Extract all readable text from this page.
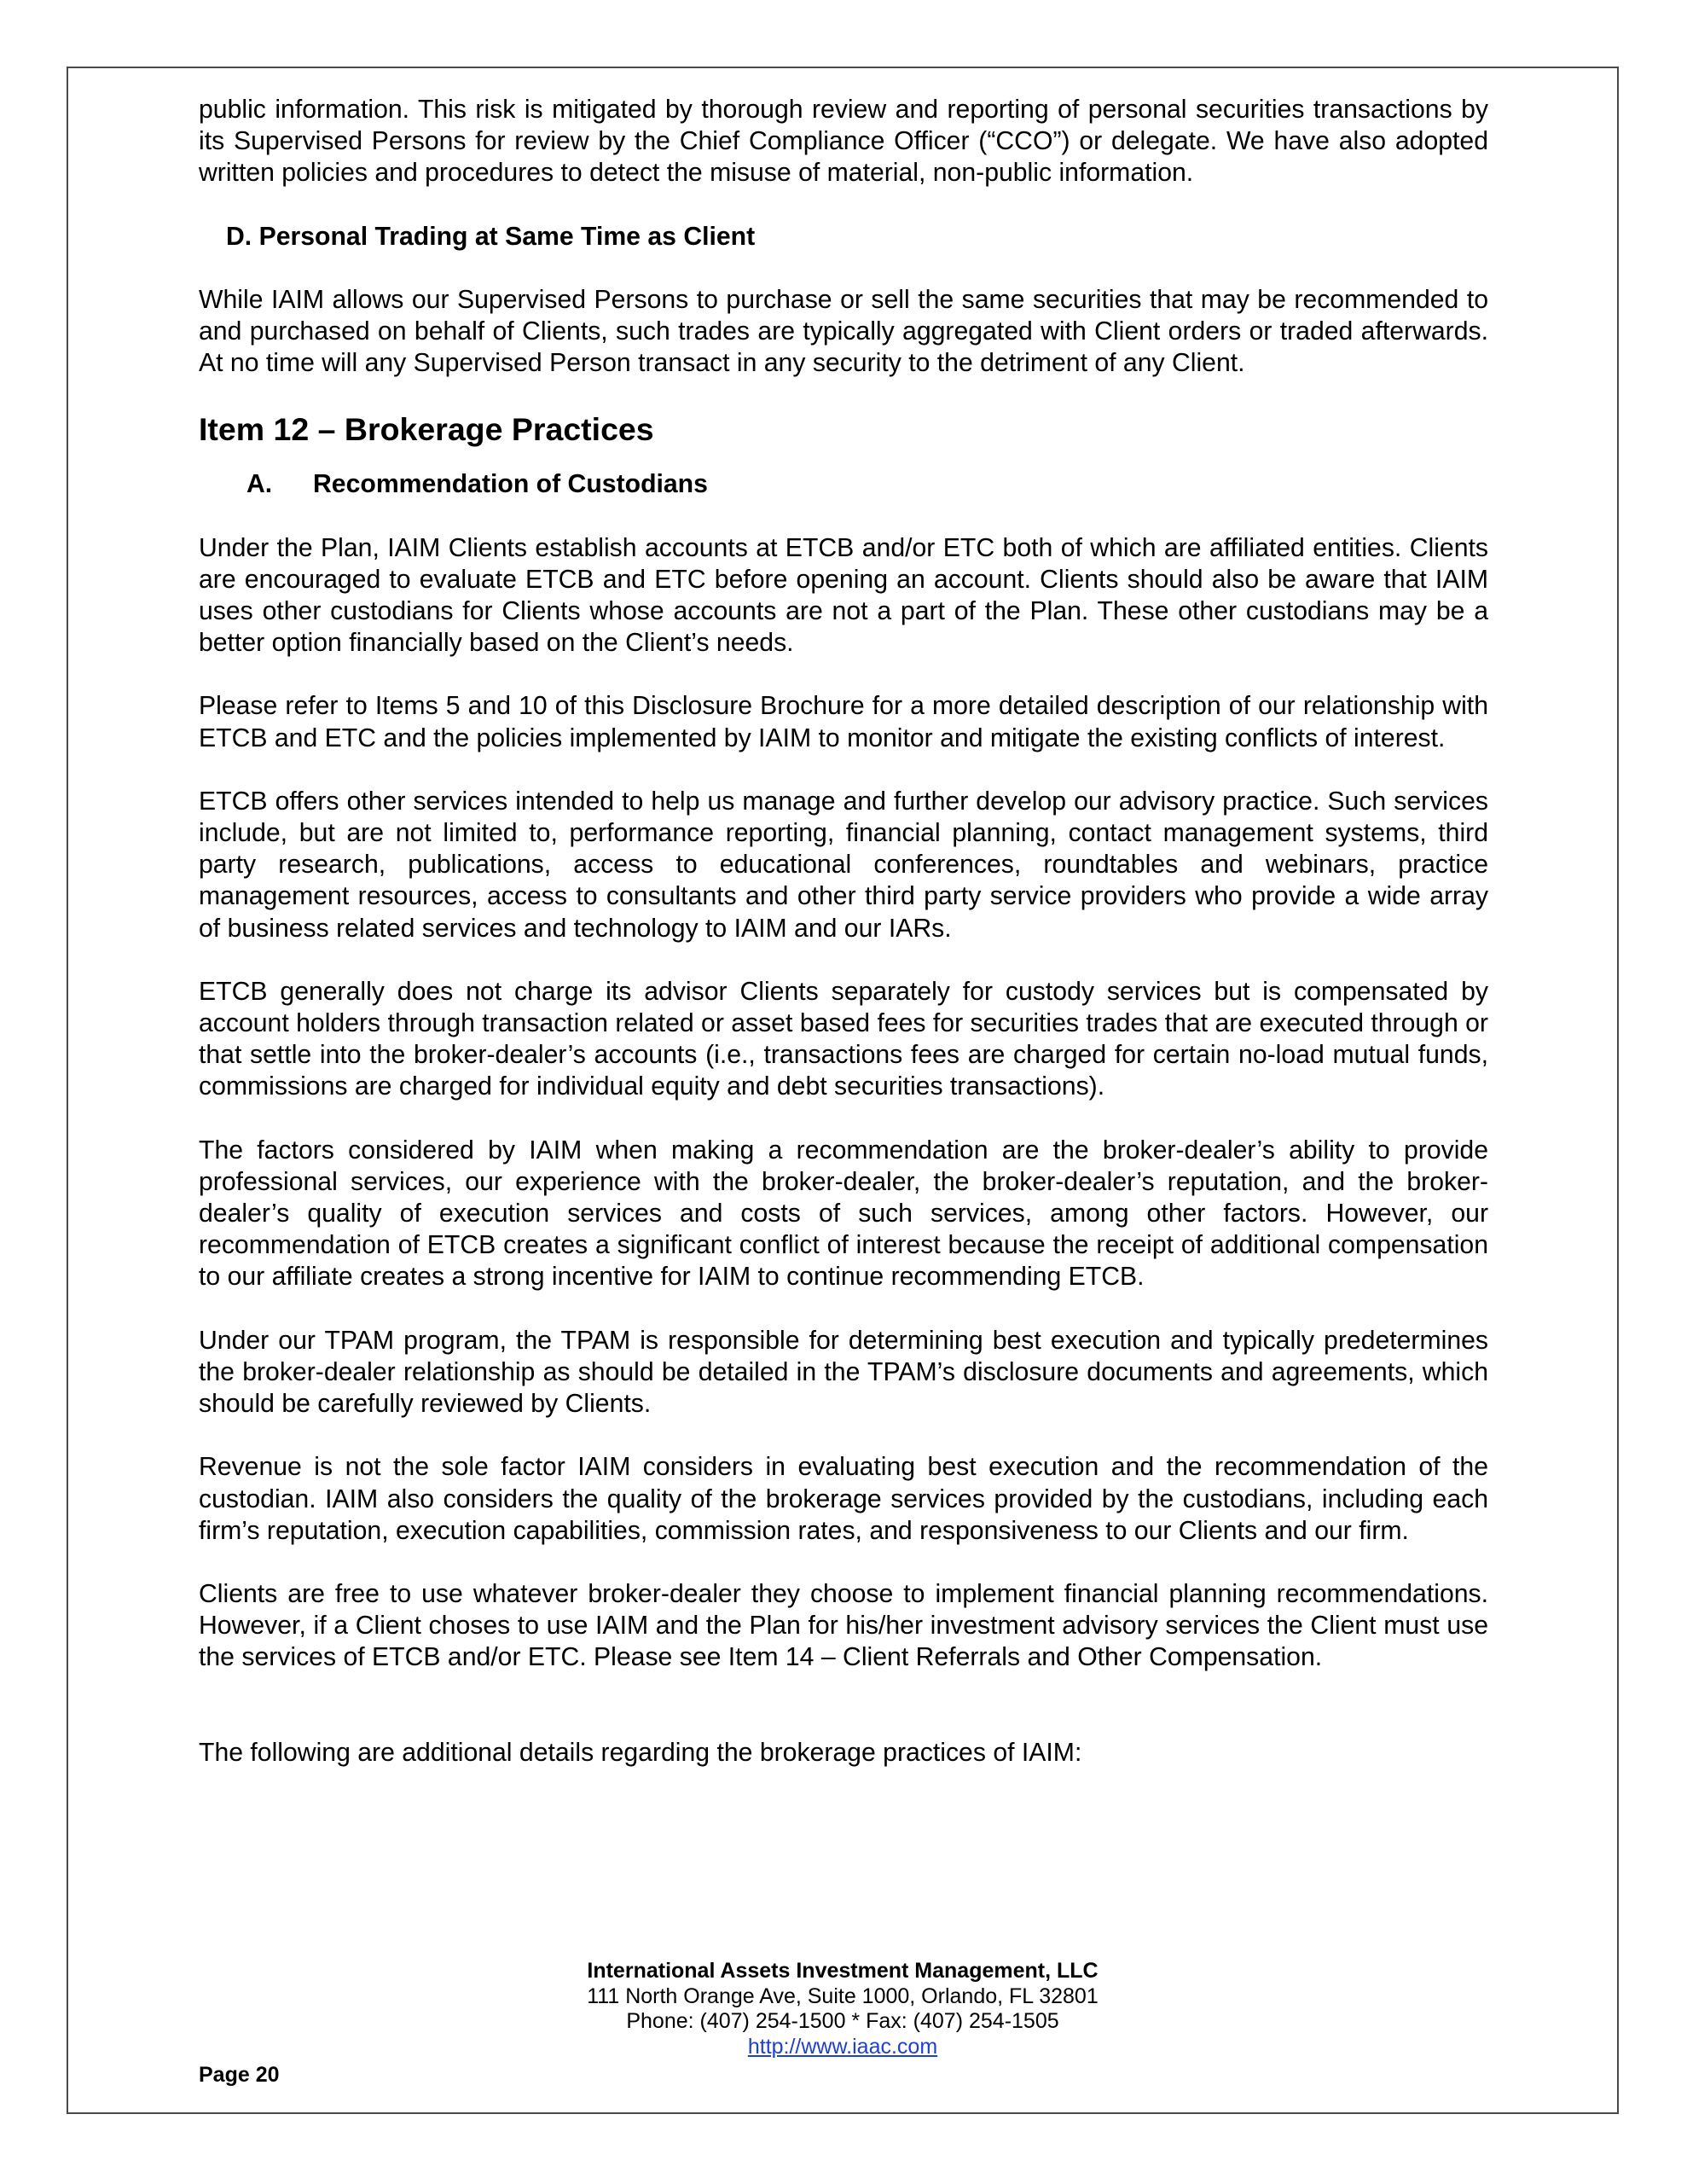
public information. This risk is mitigated by thorough review and reporting of personal securities transactions by its Supervised Persons for review by the Chief Compliance Officer (“CCO”) or delegate. We have also adopted written policies and procedures to detect the misuse of material, non-public information.

D. Personal Trading at Same Time as Client

While IAIM allows our Supervised Persons to purchase or sell the same securities that may be recommended to and purchased on behalf of Clients, such trades are typically aggregated with Client orders or traded afterwards. At no time will any Supervised Person transact in any security to the detriment of any Client.

Item 12 – Brokerage Practices
A. Recommendation of Custodians

Under the Plan, IAIM Clients establish accounts at ETCB and/or ETC both of which are affiliated entities. Clients are encouraged to evaluate ETCB and ETC before opening an account. Clients should also be aware that IAIM uses other custodians for Clients whose accounts are not a part of the Plan. These other custodians may be a better option financially based on the Client’s needs.

Please refer to Items 5 and 10 of this Disclosure Brochure for a more detailed description of our relationship with ETCB and ETC and the policies implemented by IAIM to monitor and mitigate the existing conflicts of interest.

ETCB offers other services intended to help us manage and further develop our advisory practice. Such services include, but are not limited to, performance reporting, financial planning, contact management systems, third party research, publications, access to educational conferences, roundtables and webinars, practice management resources, access to consultants and other third party service providers who provide a wide array of business related services and technology to IAIM and our IARs.

ETCB generally does not charge its advisor Clients separately for custody services but is compensated by account holders through transaction related or asset based fees for securities trades that are executed through or that settle into the broker-dealer’s accounts (i.e., transactions fees are charged for certain no-load mutual funds, commissions are charged for individual equity and debt securities transactions).

The factors considered by IAIM when making a recommendation are the broker-dealer’s ability to provide professional services, our experience with the broker-dealer, the broker-dealer’s reputation, and the broker-dealer’s quality of execution services and costs of such services, among other factors. However, our recommendation of ETCB creates a significant conflict of interest because the receipt of additional compensation to our affiliate creates a strong incentive for IAIM to continue recommending ETCB.

Under our TPAM program, the TPAM is responsible for determining best execution and typically predetermines the broker-dealer relationship as should be detailed in the TPAM’s disclosure documents and agreements, which should be carefully reviewed by Clients.

Revenue is not the sole factor IAIM considers in evaluating best execution and the recommendation of the custodian. IAIM also considers the quality of the brokerage services provided by the custodians, including each firm’s reputation, execution capabilities, commission rates, and responsiveness to our Clients and our firm.

Clients are free to use whatever broker-dealer they choose to implement financial planning recommendations. However, if a Client choses to use IAIM and the Plan for his/her investment advisory services the Client must use the services of ETCB and/or ETC. Please see Item 14 – Client Referrals and Other Compensation.

The following are additional details regarding the brokerage practices of IAIM:

International Assets Investment Management, LLC
111 North Orange Ave, Suite 1000, Orlando, FL 32801
Phone: (407) 254-1500 * Fax: (407) 254-1505
http://www.iaac.com
Page 20
